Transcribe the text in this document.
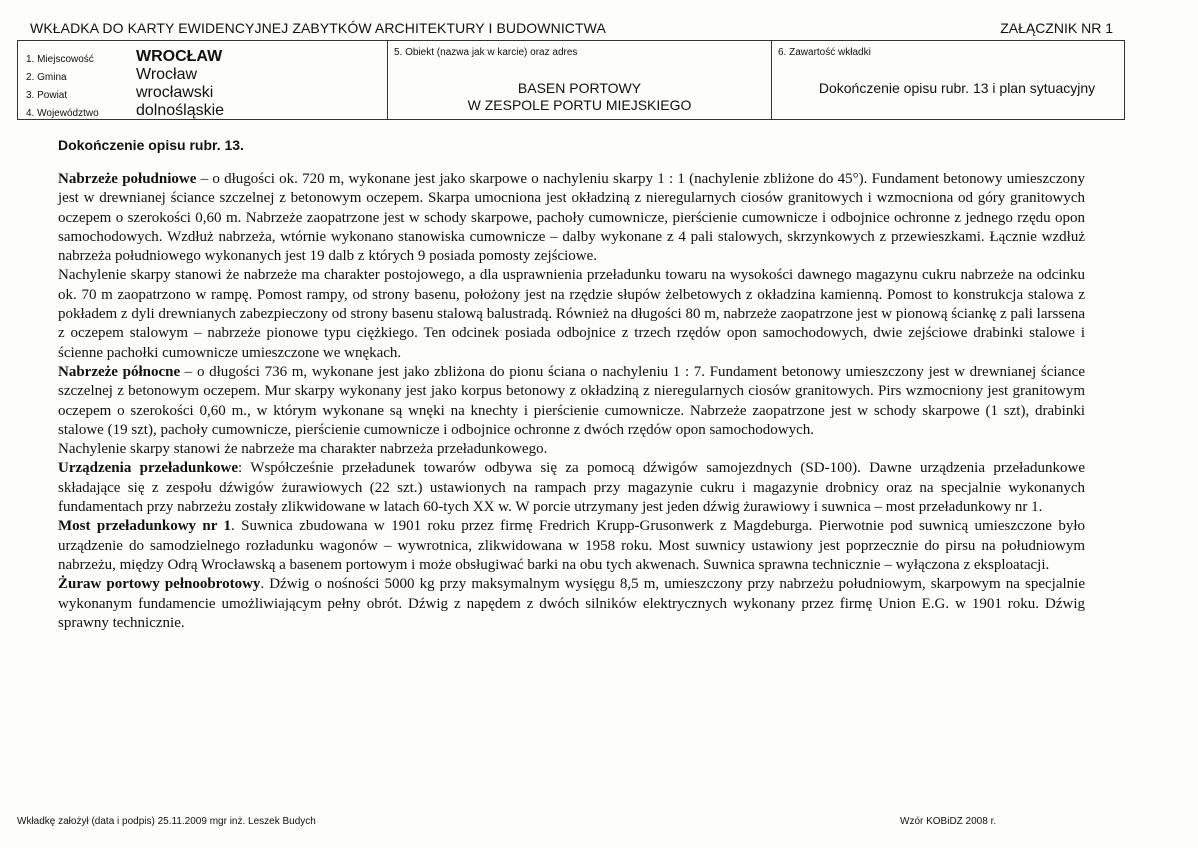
WKŁADKA DO KARTY EWIDENCYJNEJ ZABYTKÓW ARCHITEKTURY I BUDOWNICTWA	ZAŁĄCZNIK NR 1
1. Miejscowość	WROCŁAW
2. Gmina	Wrocław
3. Powiat	wrocławski
4. Województwo dolnośląskie
5. Obiekt (nazwa jak w karcie) oraz adres
BASEN PORTOWY
W ZESPOLE PORTU MIEJSKIEGO
6. Zawartość wkładki
Dokończenie opisu rubr. 13 i plan sytuacyjny
Dokończenie opisu rubr. 13.

Nabrzeże południowe – o długości ok. 720 m, wykonane jest jako skarpowe o nachyleniu skarpy 1 : 1 (nachylenie zbliżone do 45°). Fundament betonowy umieszczony jest w drewnianej ściance szczelnej z betonowym oczepem. Skarpa umocniona jest okładziną z nieregularnych ciosów granitowych i wzmocniona od góry granitowych oczepem o szerokości 0,60 m. Nabrzeże zaopatrzone jest w schody skarpowe, pachoły cumownicze, pierścienie cumownicze i odbojnice ochronne z jednego rzędu opon samochodowych. Wzdłuż nabrzeża, wtórnie wykonano stanowiska cumownicze – dalby wykonane z 4 pali stalowych, skrzynkowych z przewieszkami. Łącznie wzdłuż nabrzeża południowego wykonanych jest 19 dalb z których 9 posiada pomosty zejściowe.

Nachylenie skarpy stanowi że nabrzeże ma charakter postojowego, a dla usprawnienia przeładunku towaru na wysokości dawnego magazynu cukru nabrzeże na odcinku ok. 70 m zaopatrzono w rampę. Pomost rampy, od strony basenu, położony jest na rzędzie słupów żelbetowych z okładzina kamienną. Pomost to konstrukcja stalowa z pokładem z dyli drewnianych zabezpieczony od strony basenu stalową balustradą. Również na długości 80 m, nabrzeże zaopatrzone jest w pionową ściankę z pali larssena z oczepem stalowym – nabrzeże pionowe typu ciężkiego. Ten odcinek posiada odbojnice z trzech rzędów opon samochodowych, dwie zejściowe drabinki stalowe i ścienne pachołki cumownicze umieszczone we wnękach.

Nabrzeże północne – o długości 736 m, wykonane jest jako zbliżona do pionu ściana o nachyleniu 1 : 7. Fundament betonowy umieszczony jest w drewnianej ściance szczelnej z betonowym oczepem. Mur skarpy wykonany jest jako korpus betonowy z okładziną z nieregularnych ciosów granitowych. Pirs wzmocniony jest granitowym oczepem o szerokości 0,60 m., w którym wykonane są wnęki na knechty i pierścienie cumownicze. Nabrzeże zaopatrzone jest w schody skarpowe (1 szt), drabinki stalowe (19 szt), pachoły cumownicze, pierścienie cumownicze i odbojnice ochronne z dwóch rzędów opon samochodowych.

Nachylenie skarpy stanowi że nabrzeże ma charakter nabrzeża przeładunkowego.

Urządzenia przeładunkowe: Współcześnie przeładunek towarów odbywa się za pomocą dźwigów samojezdnych (SD-100). Dawne urządzenia przeładunkowe składające się z zespołu dźwigów żurawiowych (22 szt.) ustawionych na rampach przy magazynie cukru i magazynie drobnicy oraz na specjalnie wykonanych fundamentach przy nabrzeżu zostały zlikwidowane w latach 60-tych XX w. W porcie utrzymany jest jeden dźwig żurawiowy i suwnica – most przeładunkowy nr 1.

Most przeładunkowy nr 1. Suwnica zbudowana w 1901 roku przez firmę Fredrich Krupp-Grusonwerk z Magdeburga. Pierwotnie pod suwnicą umieszczone było urządzenie do samodzielnego rozładunku wagonów – wywrotnica, zlikwidowana w 1958 roku. Most suwnicy ustawiony jest poprzecznie do pirsu na południowym nabrzeżu, między Odrą Wrocławską a basenem portowym i może obsługiwać barki na obu tych akwenach. Suwnica sprawna technicznie – wyłączona z eksploatacji.

Żuraw portowy pełnoobrotowy. Dźwig o nośności 5000 kg przy maksymalnym wysięgu 8,5 m, umieszczony przy nabrzeżu południowym, skarpowym na specjalnie wykonanym fundamencie umożliwiającym pełny obrót. Dźwig z napędem z dwóch silników elektrycznych wykonany przez firmę Union E.G. w 1901 roku. Dźwig sprawny technicznie.

Wkładkę założył (data i podpis) 25.11.2009 mgr inż. Leszek Budych	Wzór KOBiDZ 2008 r.
